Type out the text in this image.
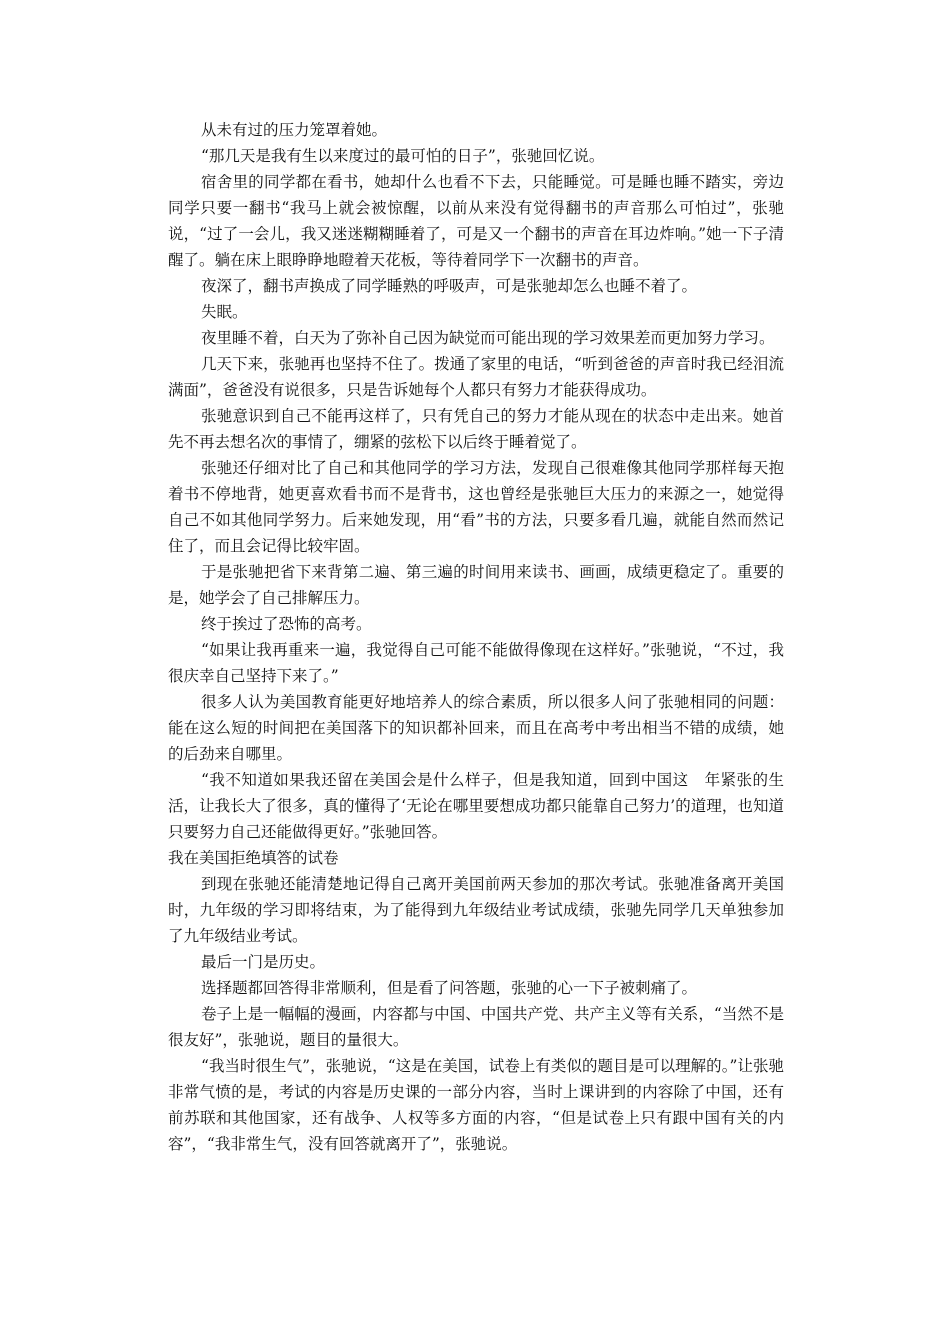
从未有过的压力笼罩着她。

“那几天是我有生以来度过的最可怕的日子”，张驰回忆说。

宿舍里的同学都在看书，她却什么也看不下去，只能睡觉。可是睡也睡不踏实，旁边同学只要一翻书“我马上就会被惊醒，以前从来没有觉得翻书的声音那么可怕过”，张驰说，“过了一会儿，我又迷迷糊糊睡着了，可是又一个翻书的声音在耳边炸响。”她一下子清醒了。躺在床上眼睁睁地瞪着天花板，等待着同学下一次翻书的声音。

夜深了，翻书声换成了同学睡熟的呼吸声，可是张驰却怎么也睡不着了。

失眠。

夜里睡不着，白天为了弥补自己因为缺觉而可能出现的学习效果差而更加努力学习。

几天下来，张驰再也坚持不住了。拨通了家里的电话，“听到爸爸的声音时我已经泪流满面”，爸爸没有说很多，只是告诉她每个人都只有努力才能获得成功。

张驰意识到自己不能再这样了，只有凭自己的努力才能从现在的状态中走出来。她首先不再去想名次的事情了，绷紧的弦松下以后终于睡着觉了。

张驰还仔细对比了自己和其他同学的学习方法，发现自己很难像其他同学那样每天抱着书不停地背，她更喜欢看书而不是背书，这也曾经是张驰巨大压力的来源之一，她觉得自己不如其他同学努力。后来她发现，用“看”书的方法，只要多看几遍，就能自然而然记住了，而且会记得比较牢固。

于是张驰把省下来背第二遍、第三遍的时间用来读书、画画，成绩更稳定了。重要的是，她学会了自己排解压力。

终于挨过了恐怖的高考。

“如果让我再重来一遍，我觉得自己可能不能做得像现在这样好。”张驰说，“不过，我很庆幸自己坚持下来了。”

很多人认为美国教育能更好地培养人的综合素质，所以很多人问了张驰相同的问题：能在这么短的时间把在美国落下的知识都补回来，而且在高考中考出相当不错的成绩，她的后劲来自哪里。

“我不知道如果我还留在美国会是什么样子，但是我知道，回到中国这　年紧张的生活，让我长大了很多，真的懂得了‘无论在哪里要想成功都只能靠自己努力’的道理，也知道只要努力自己还能做得更好。”张驰回答。

我在美国拒绝填答的试卷

到现在张驰还能清楚地记得自己离开美国前两天参加的那次考试。张驰准备离开美国时，九年级的学习即将结束，为了能得到九年级结业考试成绩，张驰先同学几天单独参加了九年级结业考试。

最后一门是历史。

选择题都回答得非常顺利，但是看了问答题，张驰的心一下子被刺痛了。

卷子上是一幅幅的漫画，内容都与中国、中国共产党、共产主义等有关系，“当然不是很友好”，张驰说，题目的量很大。

“我当时很生气”，张驰说，“这是在美国，试卷上有类似的题目是可以理解的。”让张驰非常气愤的是，考试的内容是历史课的一部分内容，当时上课讲到的内容除了中国，还有前苏联和其他国家，还有战争、人权等多方面的内容，“但是试卷上只有跟中国有关的内容”，“我非常生气，没有回答就离开了”，张驰说。
